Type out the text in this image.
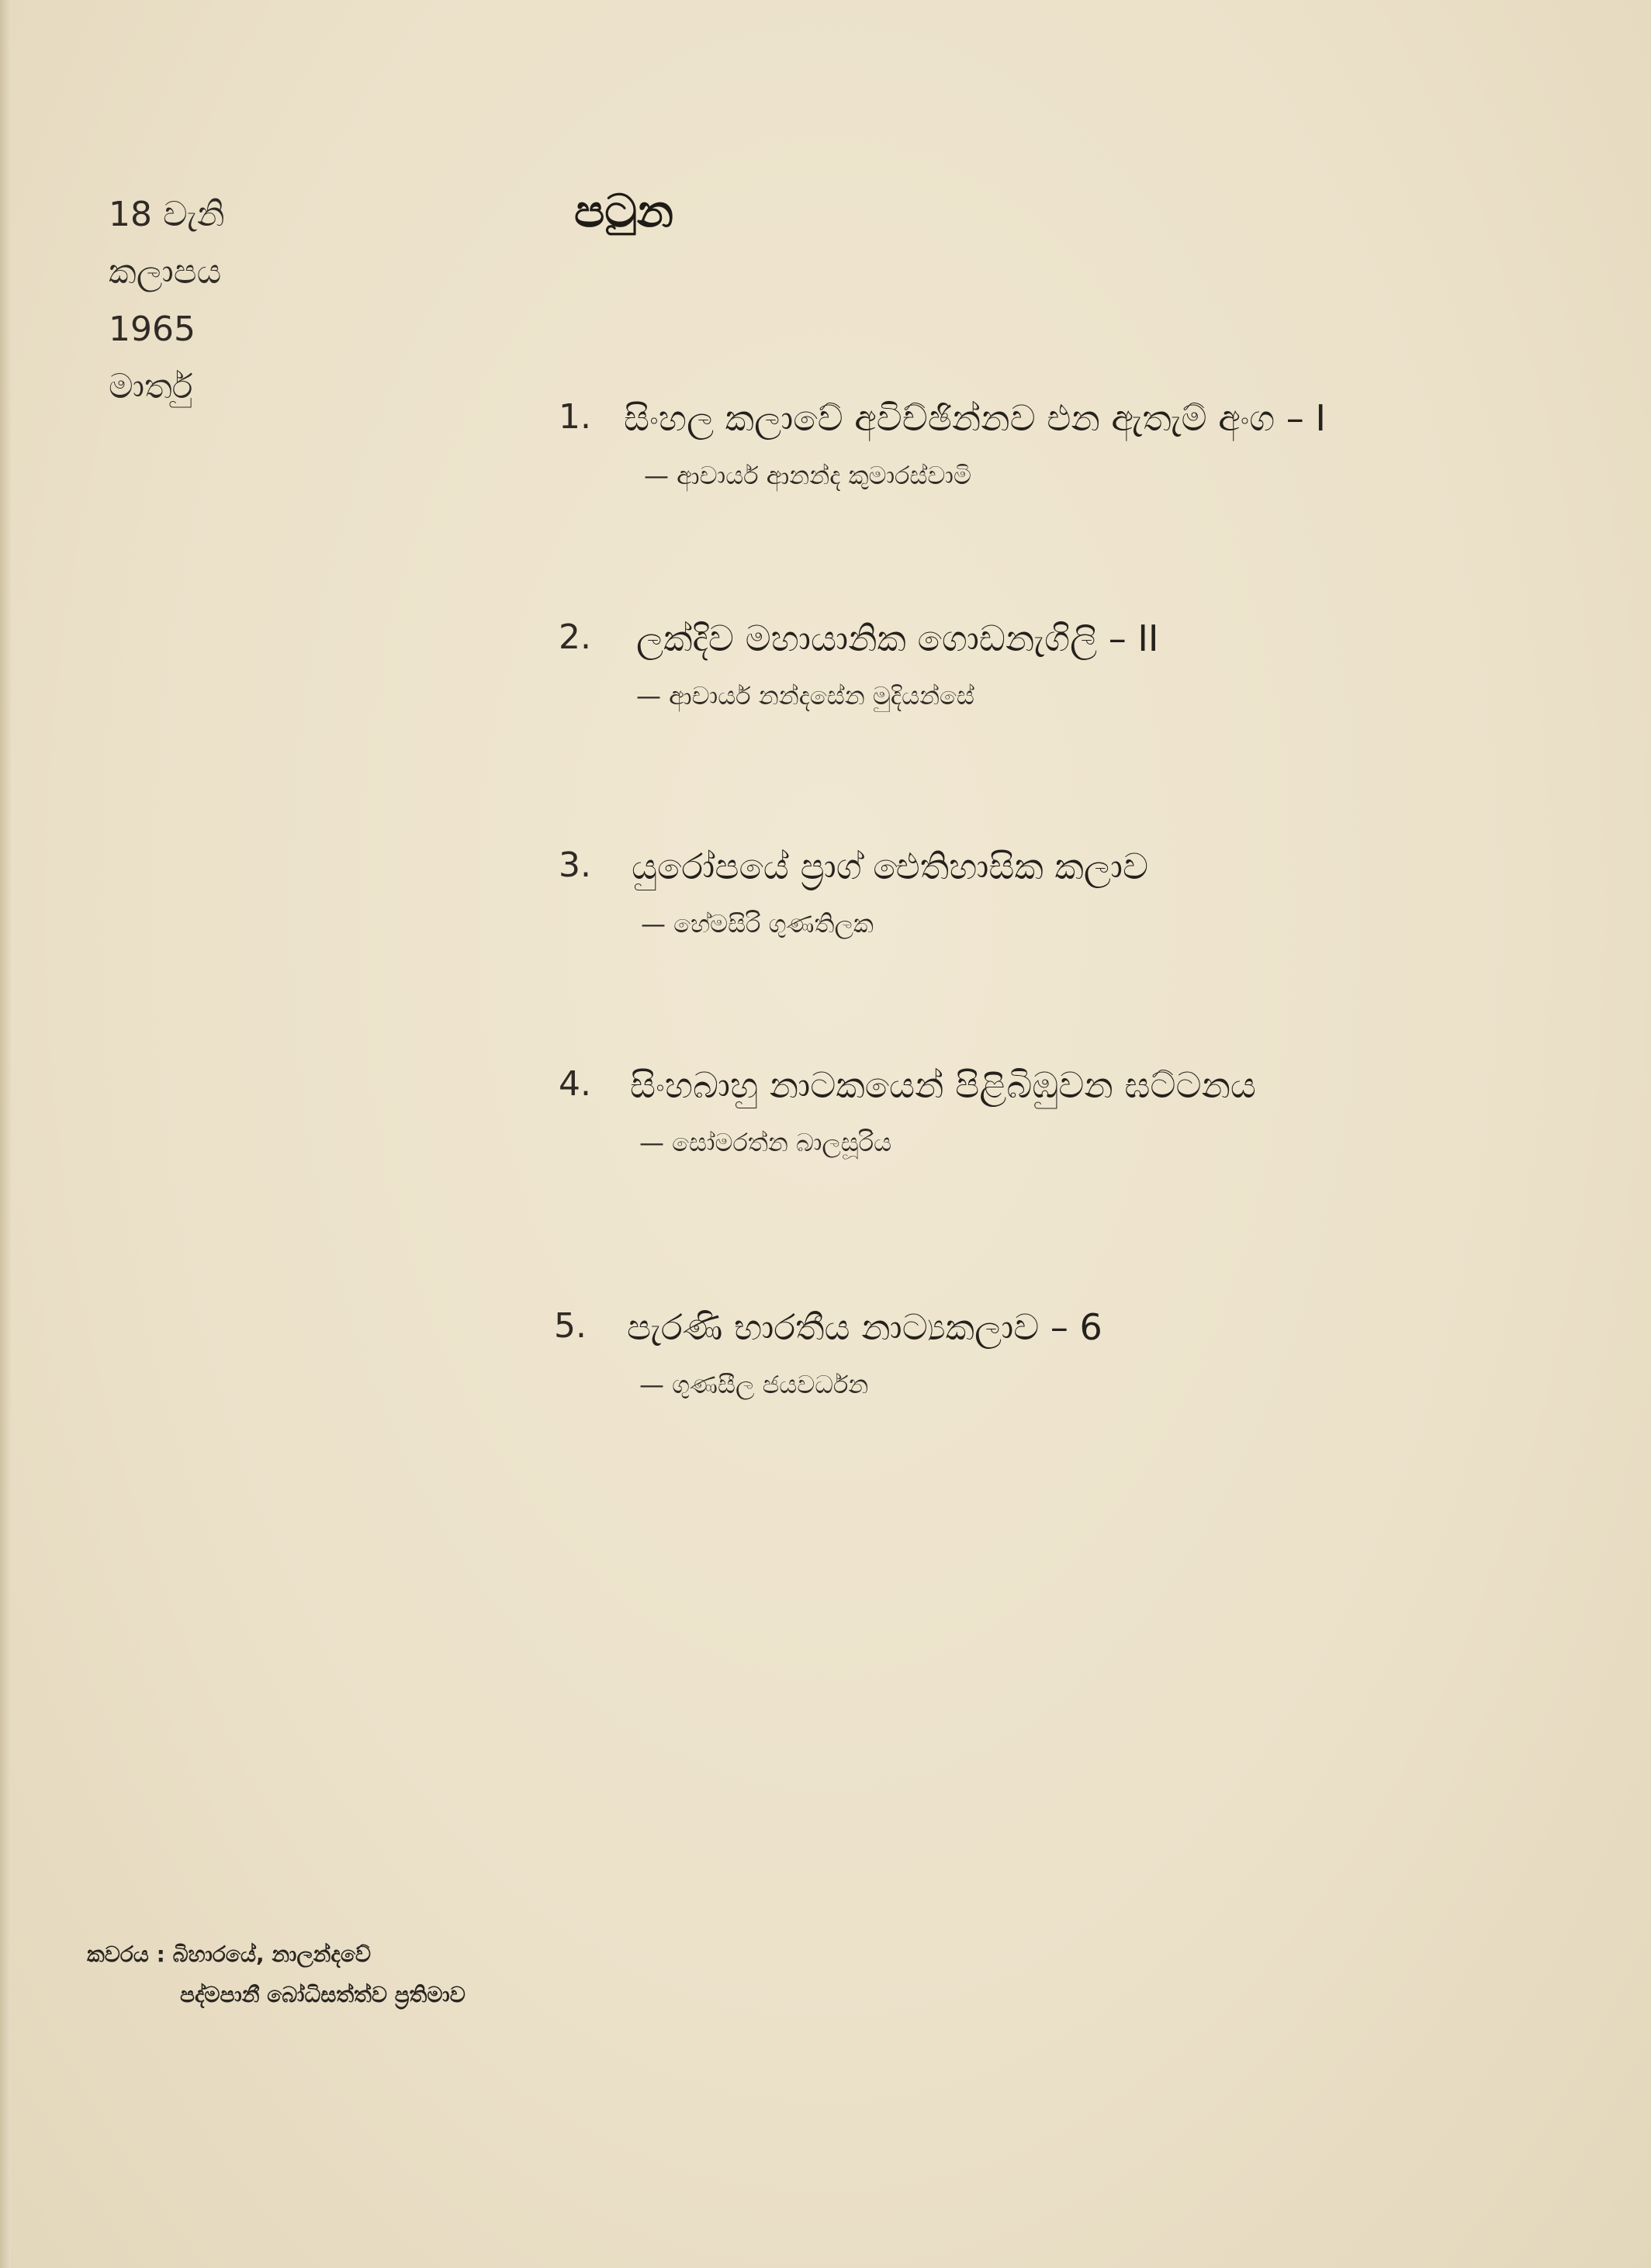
18 වැනි
කලාපය
1965
මාර්තු
පටුන
1. සිංහල කලාවේ අවිච්ඡින්නව එන ඇතැම් අංග – I
— ආචාර්ය ආනන්ද කුමාරස්වාමි
2.	ලක්දිව මහායානික ගොඩනැගිලි – II
— ආචාර්ය නන්දසේන මුදියන්සේ
3.	යුරෝපයේ ප්‍රාග් ඓතිහාසික කලාව
— හේමසිරි ගුණතිලක
4.	සිංහබාහු නාටකයෙන් පිළිබිඹුවන ඝට්ටනය
— සෝමරත්න බාලසූරිය
5.	පැරණි භාරතීය නාට්‍යකලාව – 6
— ගුණසීල ජයවර්ධන
කවරය : බිහාරයේ, නාලන්දවේ
පද්මපානී බෝධිසත්ත්ව ප්‍රතිමාව
